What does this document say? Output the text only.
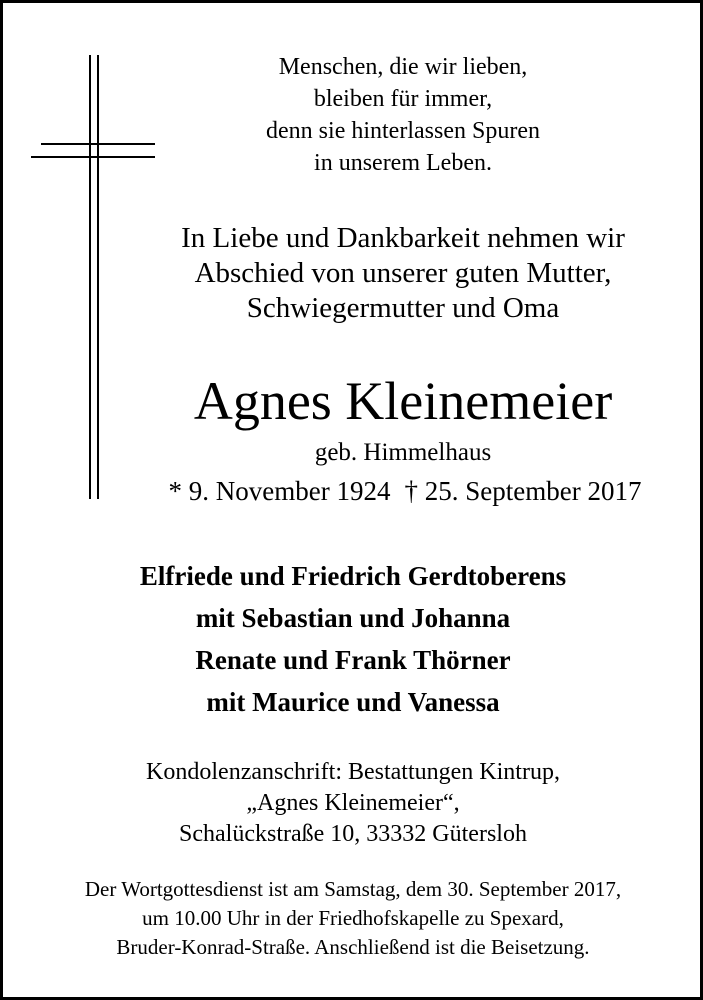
Menschen, die wir lieben,
bleiben für immer,
denn sie hinterlassen Spuren
in unserem Leben.
In Liebe und Dankbarkeit nehmen wir
Abschied von unserer guten Mutter,
Schwiegermutter und Oma
Agnes Kleinemeier
geb. Himmelhaus
* 9. November 1924 † 25. September 2017
Elfriede und Friedrich Gerdtoberens
mit Sebastian und Johanna
Renate und Frank Thörner
mit Maurice und Vanessa
Kondolenzanschrift: Bestattungen Kintrup,
„Agnes Kleinemeier“,
Schalückstraße 10, 33332 Gütersloh
Der Wortgottesdienst ist am Samstag, dem 30. September 2017,
um 10.00 Uhr in der Friedhofskapelle zu Spexard,
Bruder-Konrad-Straße. Anschließend ist die Beisetzung.
